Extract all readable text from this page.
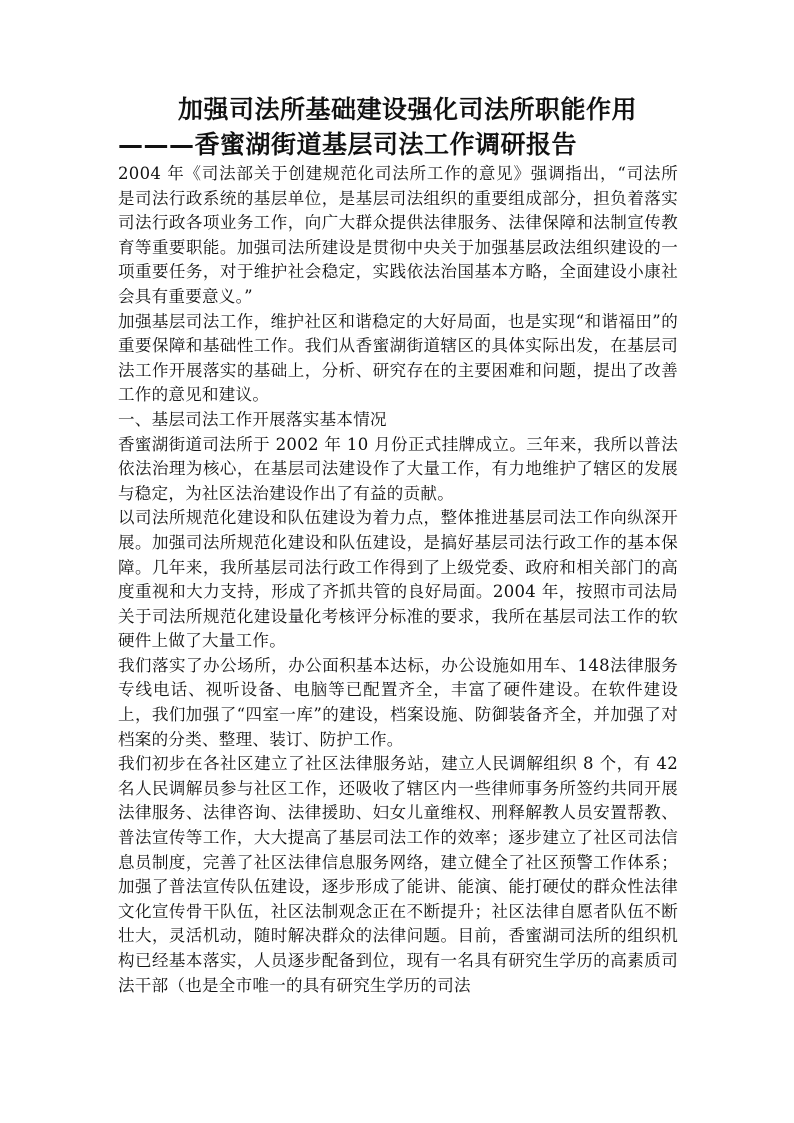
加强司法所基础建设强化司法所职能作用
———香蜜湖街道基层司法工作调研报告

2004 年《司法部关于创建规范化司法所工作的意见》强调指出，“司法所是司法行政系统的基层单位，是基层司法组织的重要组成部分，担负着落实司法行政各项业务工作，向广大群众提供法律服务、法律保障和法制宣传教育等重要职能。加强司法所建设是贯彻中央关于加强基层政法组织建设的一项重要任务，对于维护社会稳定，实践依法治国基本方略，全面建设小康社会具有重要意义。”

加强基层司法工作，维护社区和谐稳定的大好局面，也是实现“和谐福田”的重要保障和基础性工作。我们从香蜜湖街道辖区的具体实际出发，在基层司法工作开展落实的基础上，分析、研究存在的主要困难和问题，提出了改善工作的意见和建议。

一、基层司法工作开展落实基本情况

香蜜湖街道司法所于 2002 年 10 月份正式挂牌成立。三年来，我所以普法依法治理为核心，在基层司法建设作了大量工作，有力地维护了辖区的发展与稳定，为社区法治建设作出了有益的贡献。

以司法所规范化建设和队伍建设为着力点，整体推进基层司法工作向纵深开展。加强司法所规范化建设和队伍建设，是搞好基层司法行政工作的基本保障。几年来，我所基层司法行政工作得到了上级党委、政府和相关部门的高度重视和大力支持，形成了齐抓共管的良好局面。2004 年，按照市司法局关于司法所规范化建设量化考核评分标准的要求，我所在基层司法工作的软硬件上做了大量工作。

我们落实了办公场所，办公面积基本达标，办公设施如用车、148法律服务专线电话、视听设备、电脑等已配置齐全，丰富了硬件建设。在软件建设上，我们加强了“四室一库”的建设，档案设施、防御装备齐全，并加强了对档案的分类、整理、装订、防护工作。

我们初步在各社区建立了社区法律服务站，建立人民调解组织 8 个，有 42 名人民调解员参与社区工作，还吸收了辖区内一些律师事务所签约共同开展法律服务、法律咨询、法律援助、妇女儿童维权、刑释解教人员安置帮教、普法宣传等工作，大大提高了基层司法工作的效率；逐步建立了社区司法信息员制度，完善了社区法律信息服务网络，建立健全了社区预警工作体系；加强了普法宣传队伍建设，逐步形成了能讲、能演、能打硬仗的群众性法律文化宣传骨干队伍，社区法制观念正在不断提升；社区法律自愿者队伍不断壮大，灵活机动，随时解决群众的法律问题。目前，香蜜湖司法所的组织机构已经基本落实，人员逐步配备到位，现有一名具有研究生学历的高素质司法干部（也是全市唯一的具有研究生学历的司法
